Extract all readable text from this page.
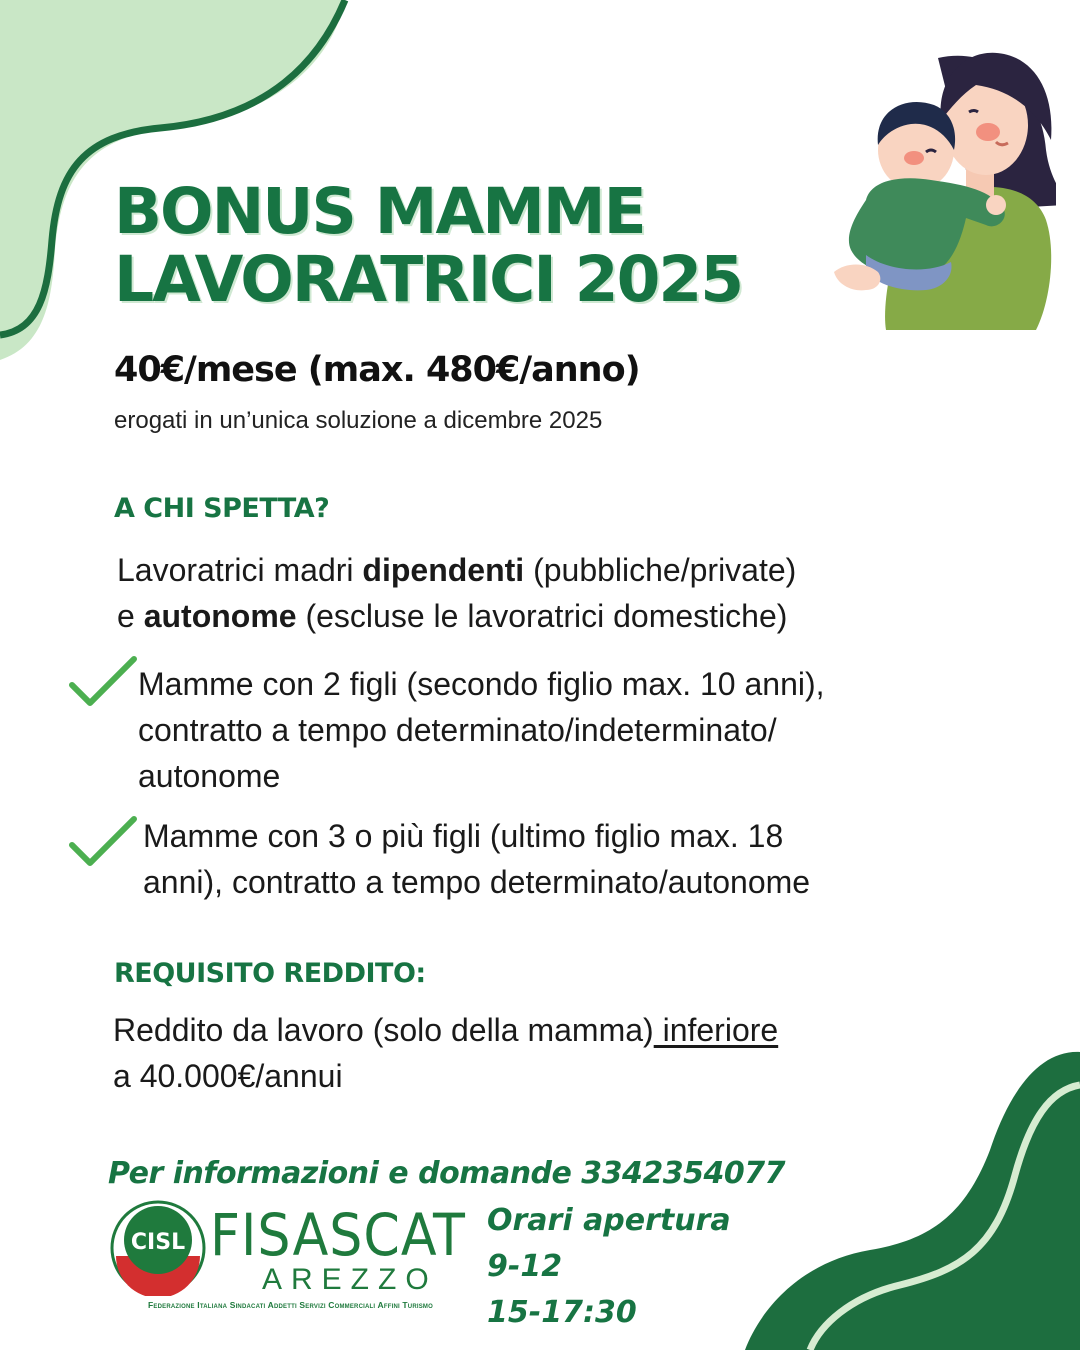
BONUS MAMME
LAVORATRICI 2025
40€/mese (max. 480€/anno)
erogati in un’unica soluzione a dicembre 2025
A CHI SPETTA?
Lavoratrici madri dipendenti (pubbliche/private)
e autonome (escluse le lavoratrici domestiche)
Mamme con 2 figli (secondo figlio max. 10 anni),
contratto a tempo determinato/indeterminato/
autonome
Mamme con 3 o più figli (ultimo figlio max. 18
anni), contratto a tempo determinato/autonome
REQUISITO REDDITO:
Reddito da lavoro (solo della mamma) inferiore
a 40.000€/annui
Per informazioni e domande 3342354077
CISL FISASCAT
AREZZO
Federazione Italiana Sindacati Addetti Servizi Commerciali Affini Turismo
Orari apertura
9-12
15-17:30
